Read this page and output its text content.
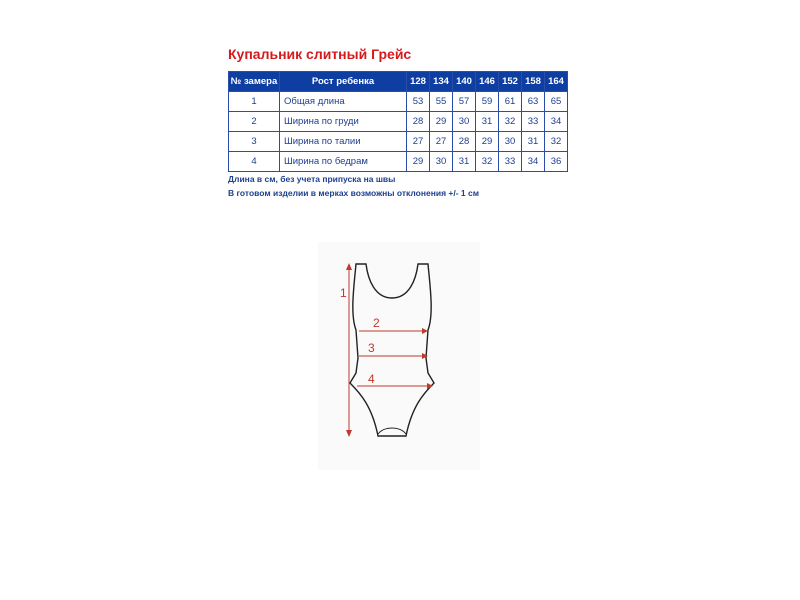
Купальник слитный Грейс
№ замера	Рост ребенка	128	134	140	146	152	158	164
1	Общая длина	53	55	57	59	61	63	65
2	Ширина по груди	28	29	30	31	32	33	34
3	Ширина по талии	27	27	28	29	30	31	32
4	Ширина по бедрам	29	30	31	32	33	34	36
Длина в см, без учета припуска на швы
В готовом изделии в мерках возможны отклонения +/- 1 см
1
2
3
4
